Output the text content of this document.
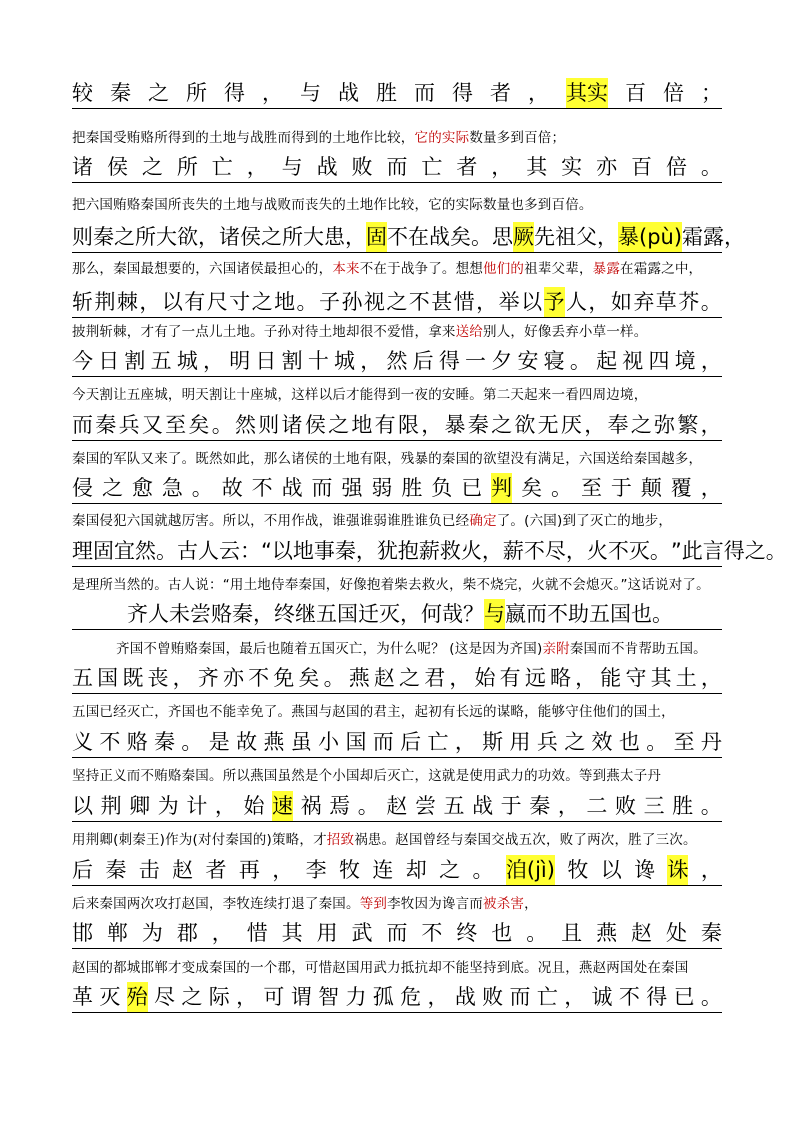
较 秦 之 所 得 ， 与 战 胜 而 得 者 ， 其实 百 倍 ；
把秦国受贿赂所得到的土地与战胜而得到的土地作比较，它的实际数量多到百倍；
诸 侯 之 所 亡 ， 与 战 败 而 亡 者 ， 其 实 亦 百 倍 。
把六国贿赂秦国所丧失的土地与战败而丧失的土地作比较，它的实际数量也多到百倍。
则 秦 之 所 大 欲 ， 诸 侯 之 所 大 患 ， 固 不 在 战 矣 。 思 厥 先 祖 父 ， 暴(pù) 霜 露 ，
那么，秦国最想要的，六国诸侯最担心的，本来不在于战争了。想想他们的祖辈父辈，暴露在霜露之中，
斩 荆 棘 ， 以 有 尺 寸 之 地 。 子 孙 视 之 不 甚 惜 ， 举 以 予 人 ， 如 弃 草 芥 。
披荆斩棘，才有了一点儿土地。子孙对待土地却很不爱惜，拿来送给别人，好像丢弃小草一样。
今 日 割 五 城 ， 明 日 割 十 城 ， 然 后 得 一 夕 安 寝 。 起 视 四 境 ，
今天割让五座城，明天割让十座城，这样以后才能得到一夜的安睡。第二天起来一看四周边境，
而 秦 兵 又 至 矣 。 然 则 诸 侯 之 地 有 限 ， 暴 秦 之 欲 无 厌 ， 奉 之 弥 繁 ，
秦国的军队又来了。既然如此，那么诸侯的土地有限，残暴的秦国的欲望没有满足，六国送给秦国越多，
侵 之 愈 急 。 故 不 战 而 强 弱 胜 负 已 判 矣 。 至 于 颠 覆 ，
秦国侵犯六国就越厉害。所以，不用作战，谁强谁弱谁胜谁负已经确定了。(六国)到了灭亡的地步，
理 固 宜 然 。 古 人 云 ： “ 以 地 事 秦 ， 犹 抱 薪 救 火 ， 薪 不 尽 ， 火 不 灭 。 ” 此 言 得 之 。
是理所当然的。古人说：“用土地侍奉秦国，好像抱着柴去救火，柴不烧完，火就不会熄灭。”这话说对了。
齐 人 未 尝 赂 秦 ， 终 继 五 国 迁 灭 ， 何 哉 ？ 与 嬴 而 不 助 五 国 也 。
齐国不曾贿赂秦国，最后也随着五国灭亡，为什么呢？ (这是因为齐国)亲附秦国而不肯帮助五国。
五 国 既 丧 ， 齐 亦 不 免 矣 。 燕 赵 之 君 ， 始 有 远 略 ， 能 守 其 土 ，
五国已经灭亡，齐国也不能幸免了。燕国与赵国的君主，起初有长远的谋略，能够守住他们的国土，
义 不 赂 秦 。 是 故 燕 虽 小 国 而 后 亡 ， 斯 用 兵 之 效 也 。 至 丹
坚持正义而不贿赂秦国。所以燕国虽然是个小国却后灭亡，这就是使用武力的功效。等到燕太子丹
以 荆 卿 为 计 ， 始 速 祸 焉 。 赵 尝 五 战 于 秦 ， 二 败 三 胜 。
用荆卿(刺秦王)作为(对付秦国的)策略，才招致祸患。赵国曾经与秦国交战五次，败了两次，胜了三次。
后 秦 击 赵 者 再 ， 李 牧 连 却 之 。 洎(jì) 牧 以 谗 诛 ，
后来秦国两次攻打赵国，李牧连续打退了秦国。等到李牧因为谗言而被杀害，
邯 郸 为 郡 ， 惜 其 用 武 而 不 终 也 。 且 燕 赵 处 秦
赵国的都城邯郸才变成秦国的一个郡，可惜赵国用武力抵抗却不能坚持到底。况且，燕赵两国处在秦国
革 灭 殆 尽 之 际 ， 可 谓 智 力 孤 危 ， 战 败 而 亡 ， 诚 不 得 已 。
